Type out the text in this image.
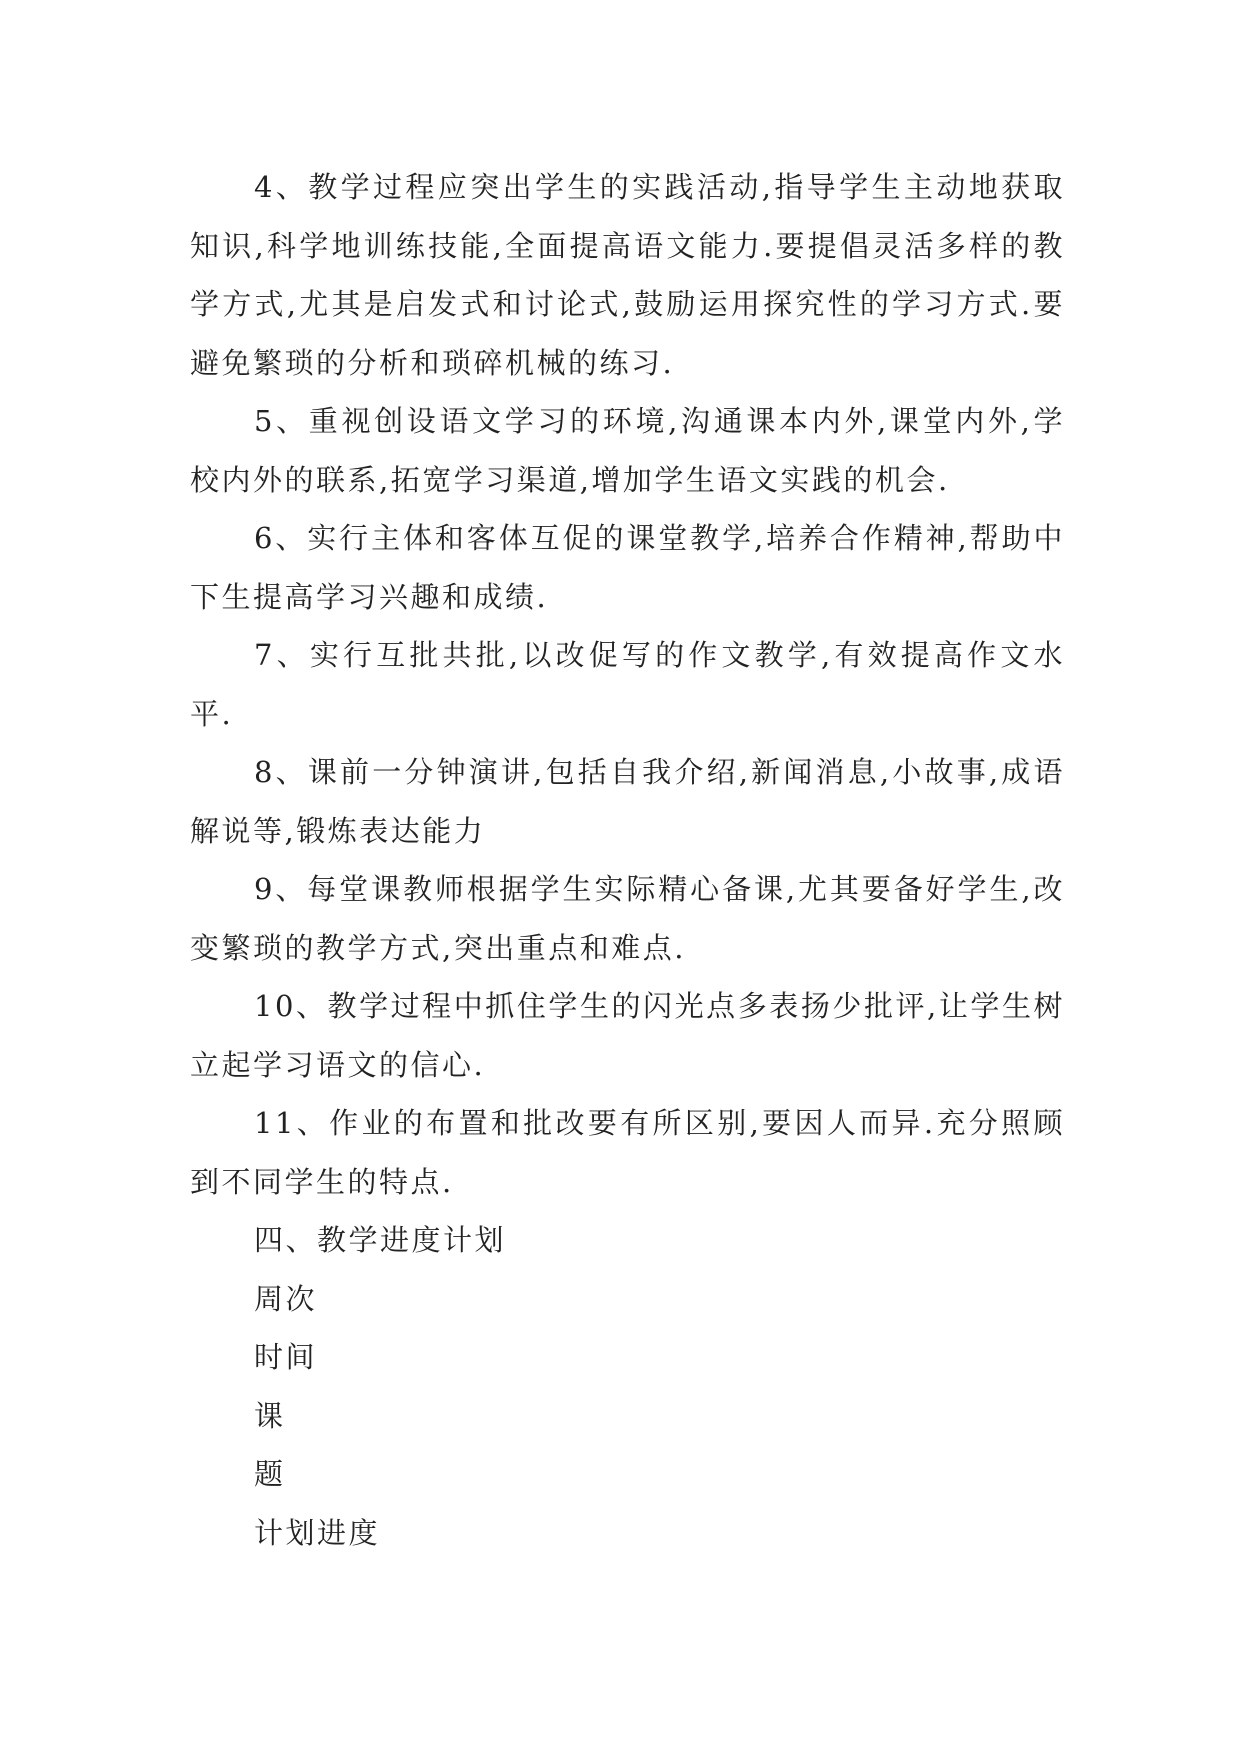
4、教学过程应突出学生的实践活动,指导学生主动地获取知识,科学地训练技能,全面提高语文能力.要提倡灵活多样的教学方式,尤其是启发式和讨论式,鼓励运用探究性的学习方式.要避免繁琐的分析和琐碎机械的练习.

5、重视创设语文学习的环境,沟通课本内外,课堂内外,学校内外的联系,拓宽学习渠道,增加学生语文实践的机会.

6、实行主体和客体互促的课堂教学,培养合作精神,帮助中下生提高学习兴趣和成绩.

7、实行互批共批,以改促写的作文教学,有效提高作文水平.

8、课前一分钟演讲,包括自我介绍,新闻消息,小故事,成语解说等,锻炼表达能力

9、每堂课教师根据学生实际精心备课,尤其要备好学生,改变繁琐的教学方式,突出重点和难点.

10、教学过程中抓住学生的闪光点多表扬少批评,让学生树立起学习语文的信心.

11、作业的布置和批改要有所区别,要因人而异.充分照顾到不同学生的特点.

四、教学进度计划

周次

时间

课

题

计划进度
